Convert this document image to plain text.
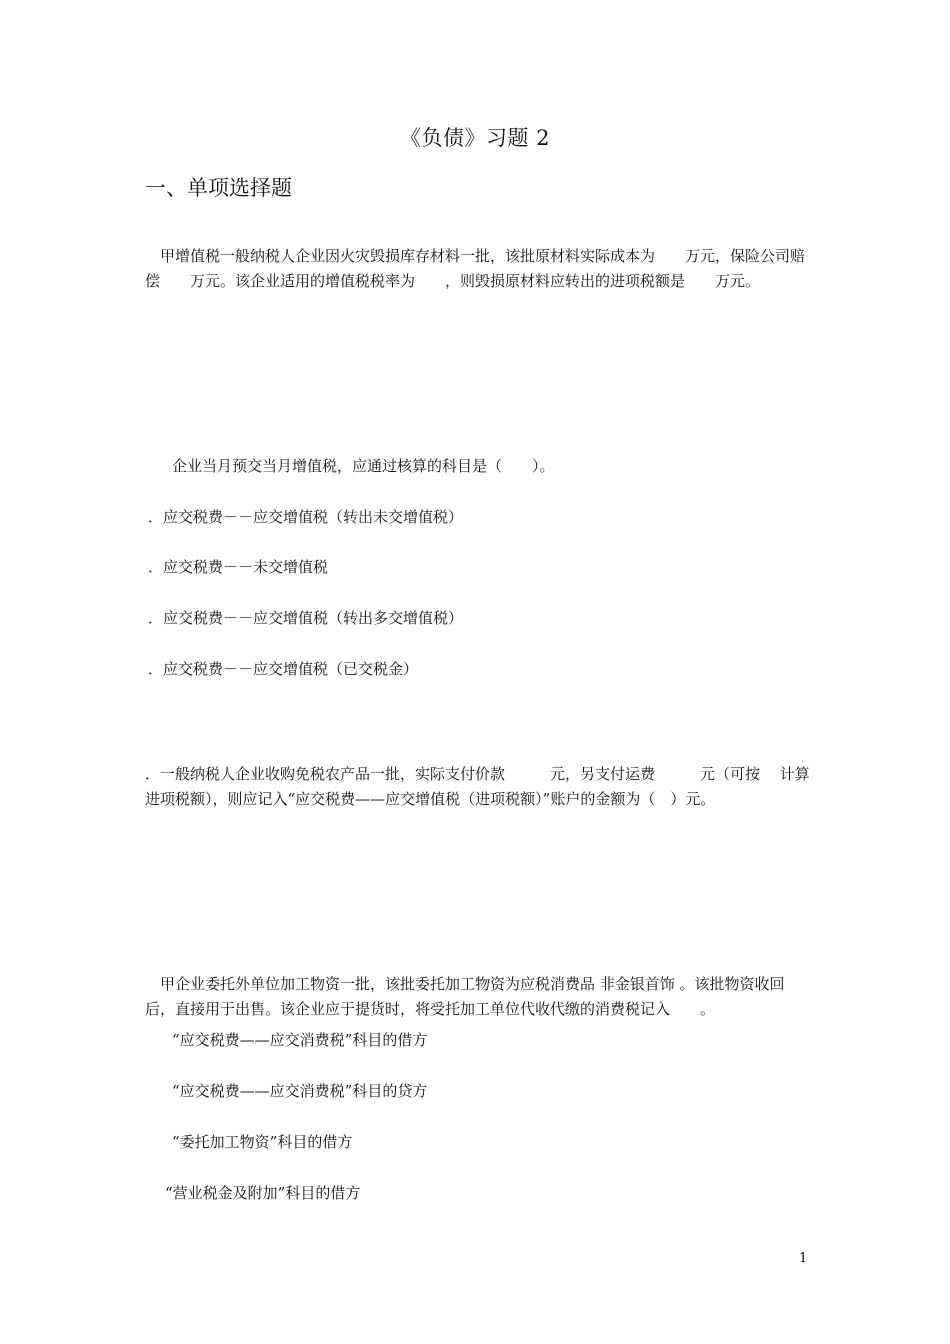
《负债》习题 2
一、单项选择题
甲增值税一般纳税人企业因火灾毁损库存材料一批，该批原材料实际成本为　　万元，保险公司赔偿　　万元。该企业适用的增值税税率为　　，则毁损原材料应转出的进项税额是　　万元。
企业当月预交当月增值税，应通过核算的科目是（　　）。
．应交税费－－应交增值税（转出未交增值税）
．应交税费－－未交增值税
．应交税费－－应交增值税（转出多交增值税）
．应交税费－－应交增值税（已交税金）
．一般纳税人企业收购免税农产品一批，实际支付价款　　　元，另支付运费　　　元（可按　 计算进项税额），则应记入“应交税费——应交增值税（进项税额）”账户的金额为（　）元。
甲企业委托外单位加工物资一批，该批委托加工物资为应税消费品 非金银首饰 。该批物资收回后，直接用于出售。该企业应于提货时，将受托加工单位代收代缴的消费税记入　　。
“应交税费——应交消费税”科目的借方
“应交税费——应交消费税”科目的贷方
“委托加工物资”科目的借方
“营业税金及附加”科目的借方
1
